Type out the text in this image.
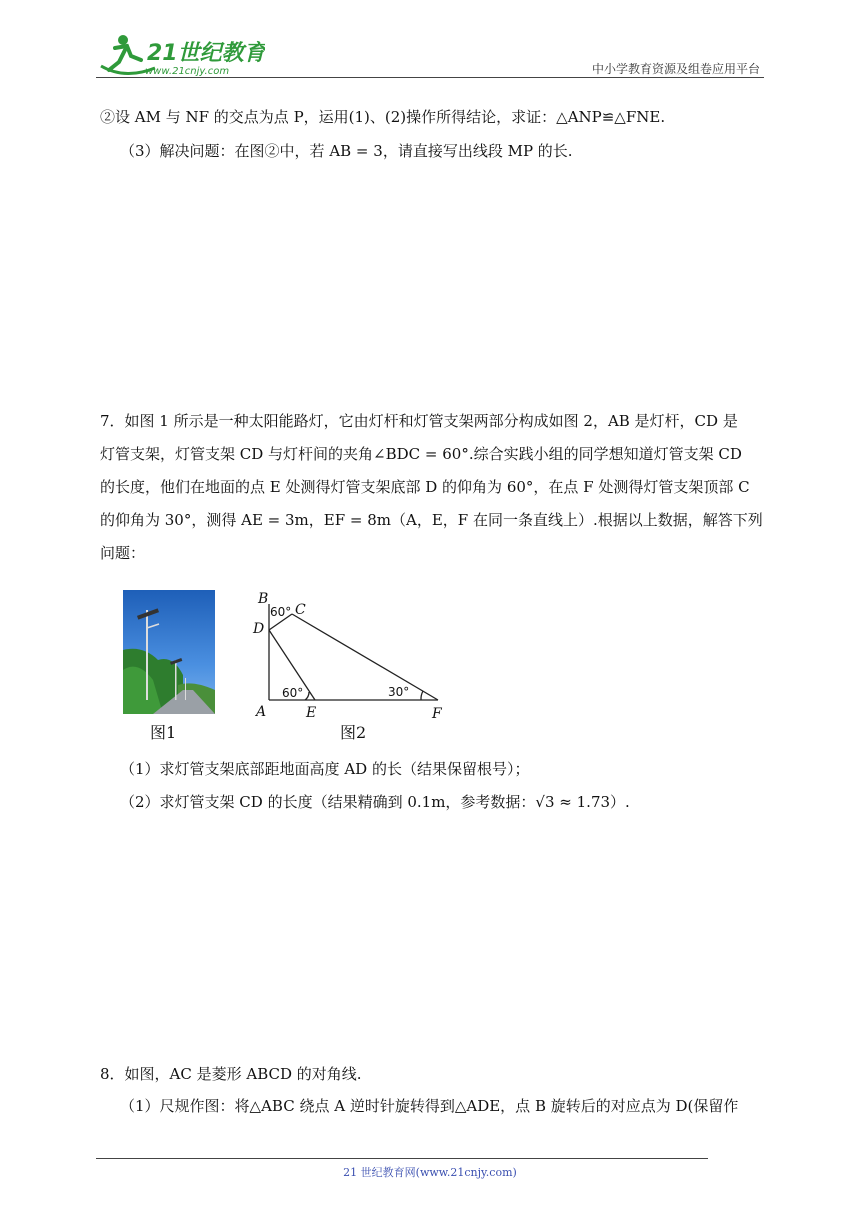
21世纪教育
www.21cnjy.com	中小学教育资源及组卷应用平台
②设 AM 与 NF 的交点为点 P，运用(1)、(2)操作所得结论，求证：△ANP≌△FNE.
（3）解决问题：在图②中，若 AB = 3，请直接写出线段 MP 的长.
7．如图 1 所示是一种太阳能路灯，它由灯杆和灯管支架两部分构成如图 2，AB 是灯杆，CD 是
灯管支架，灯管支架 CD 与灯杆间的夹角∠BDC = 60°.综合实践小组的同学想知道灯管支架 CD
的长度，他们在地面的点 E 处测得灯管支架底部 D 的仰角为 60°，在点 F 处测得灯管支架顶部 C
的仰角为 30°，测得 AE = 3m，EF = 8m（A，E，F 在同一条直线上）.根据以上数据，解答下列
问题：
图1
B
C
D
A	E	F
60°
60°	30°
图2
（1）求灯管支架底部距地面高度 AD 的长（结果保留根号）；
（2）求灯管支架 CD 的长度（结果精确到 0.1m，参考数据：√3 ≈ 1.73）.
8．如图，AC 是菱形 ABCD 的对角线.
（1）尺规作图：将△ABC 绕点 A 逆时针旋转得到△ADE，点 B 旋转后的对应点为 D(保留作
21 世纪教育网(www.21cnjy.com)
